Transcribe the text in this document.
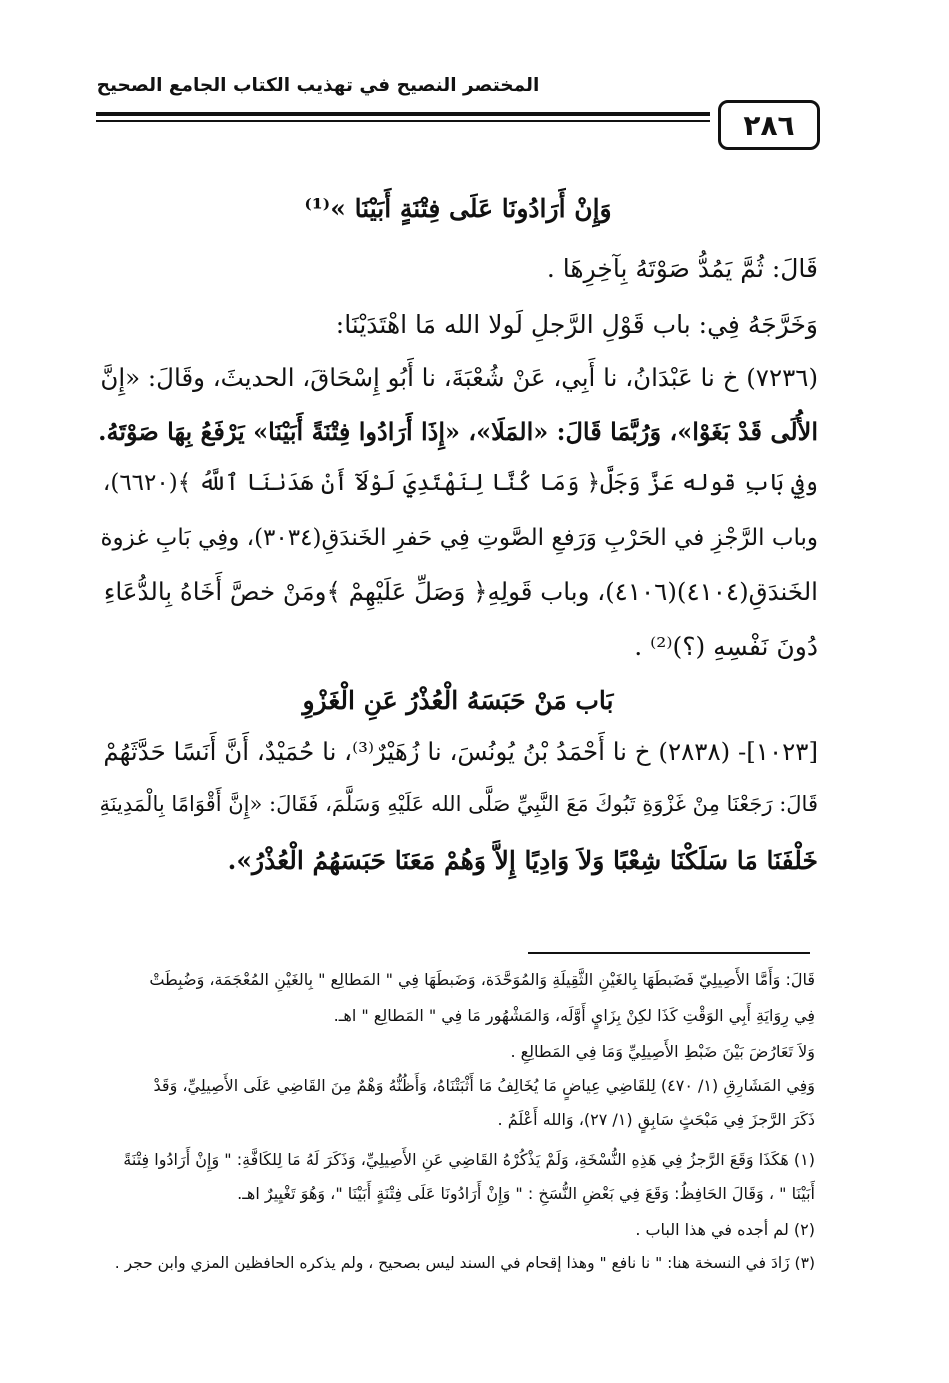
المختصر النصيح في تهذيب الكتاب الجامع الصحيح
٢٨٦
وَإِنْ أَرَادُونَا عَلَى فِتْنَةٍ أَبَيْنَا »⁽¹⁾
قَالَ: ثُمَّ يَمُدُّ صَوْتَهُ بِآخِرِهَا .
وَخَرَّجَهُ فِي: باب قَوْلِ الرَّجلِ لَولا الله مَا اهْتَدَيْنَا:
(٧٢٣٦) خ نا عَبْدَانُ، نا أَبِي، عَنْ شُعْبَةَ، نا أَبُو إِسْحَاقَ، الحديثَ، وقَالَ: «إِنَّ
الأُلَى قَدْ بَغَوْا»، وَرُبَّمَا قَالَ: «المَلَا»، «إِذَا أَرَادُوا فِتْنَةً أَبَيْنَا» يَرْفَعُ بِهَا صَوْتَهُ.
وفِي بَابِ قوله عَزَّ وَجَلَّ﴿ وَمَا كُنَّا لِنَهْتَدِيَ لَوْلَآ أَنْ هَدَىٰنَا ٱللَّهُ ﴾(٦٦٢٠)،
وباب الرَّجْزِ في الحَرْبِ وَرَفعِ الصَّوتِ فِي حَفرِ الخَندَقِ(٣٠٣٤)، وفِي بَابِ غزوة
الخَندَقِ(٤١٠٤)(٤١٠٦)، وباب قَولِهِ﴿ وَصَلِّ عَلَيْهِمْ ﴾ومَنْ خصَّ أَخَاهُ بِالدُّعَاءِ
دُونَ نَفْسِهِ (؟)⁽²⁾ .
بَاب مَنْ حَبَسَهُ الْعُذْرُ عَنِ الْغَزْوِ
[١٠٢٣]- (٢٨٣٨) خ نا أَحْمَدُ بْنُ يُونُسَ، نا زُهَيْرٌ⁽³⁾، نا حُمَيْدٌ، أَنَّ أَنَسًا حَدَّثَهُمْ
قَالَ: رَجَعْنَا مِنْ غَزْوَةِ تَبُوكَ مَعَ النَّبِيِّ صَلَّى الله عَلَيْهِ وَسَلَّمَ، فَقَالَ: «إِنَّ أَقْوَامًا بِالْمَدِينَةِ
خَلْفَنَا مَا سَلَكْنَا شِعْبًا وَلاَ وَادِيًا إِلاَّ وَهُمْ مَعَنَا حَبَسَهُمُ الْعُذْرُ».
قَالَ: وَأَمَّا الأَصِيلِيّ فَضَبطَهَا بِالغَيْنِ الثَّقِيلَةِ وَالمُوَحَّدَة، وَضَبطَهَا فِي " المَطالِع " بِالغَيْنِ المُعْجَمَة، وَضُبِطَتْ
فِي رِوَايَةِ أَبِي الوَقْتِ كَذَا لكِنْ بِزَايٍ أَوَّلَه، وَالمَشْهُور مَا فِي " المَطالِع " اهـ.
وَلاَ تَعَارُضَ بَيْنَ ضَبْطِ الأَصِيلِيِّ وَمَا فِي المَطالِعِ .
وَفِي المَشَارِقِ (١/ ٤٧٠) لِلقَاضِي عِياضٍ مَا يُخَالِفُ مَا أَثْبَتْنَاهُ، وَأَظُنُّهُ وَهْمٌ مِنَ القَاضِي عَلَى الأَصِيلِيِّ، وَقَدْ
ذَكَرَ الرَّجزَ فِي مَبْحَثٍ سَابِقٍ (١/ ٢٧)، وَالله أَعْلَمُ .
(١) هَكَذَا وَقَعَ الرَّجزُ فِي هَذِهِ النُّسْخَةِ، وَلَمْ يَذْكُرْهُ القَاضِي عَنِ الأَصِيلِيِّ، وَذَكَرَ لَهُ مَا لِلكَافَّةِ: " وَإِنْ أَرَادُوا فِتْنَةً
أَبَيْنَا " ، وَقَالَ الحَافِظُ: وَقَعَ فِي بَعْضِ النُّسَخِ : " وَإِنْ أَرَادُونَا عَلَى فِتْنَةٍ أَبَيْنَا "، وَهُوَ تَغْيِيرٌ اهـ.
(٢) لم أجده في هذا الباب .
(٣) زَادَ في النسخة هنا: " نا نافع " وهذا إقحام في السند ليس بصحيح ، ولم يذكره الحافظين المزي وابن حجر .
